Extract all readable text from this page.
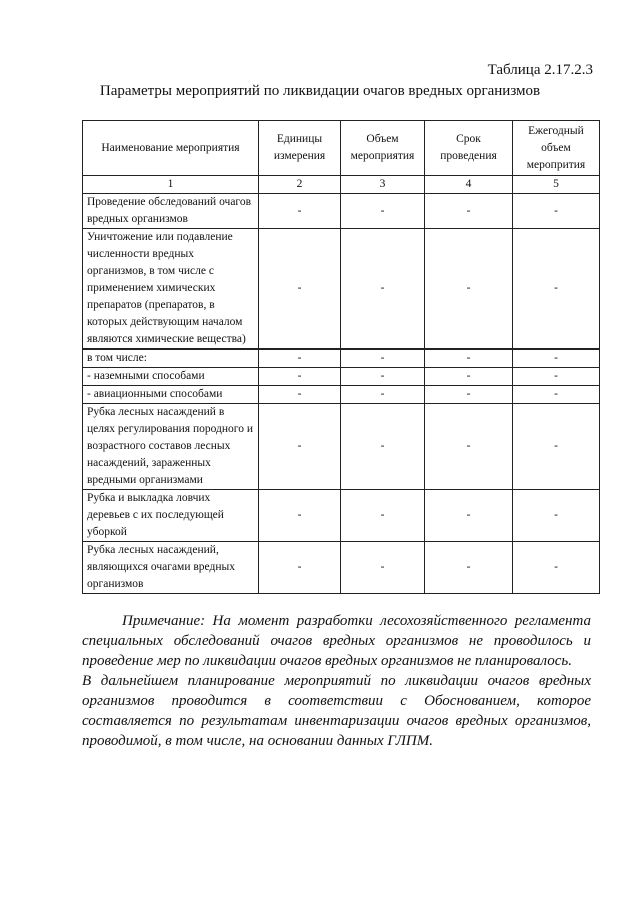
Таблица 2.17.2.3
Параметры мероприятий по ликвидации очагов вредных организмов
Наименование мероприятия	Единицы измерения	Объем мероприятия	Срок проведения	Ежегодный объем меропрития
1	2	3	4	5
Проведение обследований очагов вредных организмов	-	-	-	-
Уничтожение или подавление численности вредных организмов, в том числе с применением химических препаратов (препаратов, в которых действующим началом являются химические вещества)	-	-	-	-
в том числе:	-	-	-	-
- наземными способами	-	-	-	-
- авиационными способами	-	-	-	-
Рубка лесных насаждений в целях регулирования породного и возрастного составов лесных насаждений, зараженных вредными организмами	-	-	-	-
Рубка и выкладка ловчих деревьев с их последующей уборкой	-	-	-	-
Рубка лесных насаждений, являющихся очагами вредных организмов	-	-	-	-

Примечание: На момент разработки лесохозяйственного регламента специальных обследований очагов вредных организмов не проводилось и проведение мер по ликвидации очагов вредных организмов не планировалось.

В дальнейшем планирование мероприятий по ликвидации очагов вредных организмов проводится в соответствии с Обоснованием, которое составляется по результатам инвентаризации очагов вредных организмов, проводимой, в том числе, на основании данных ГЛПМ.
